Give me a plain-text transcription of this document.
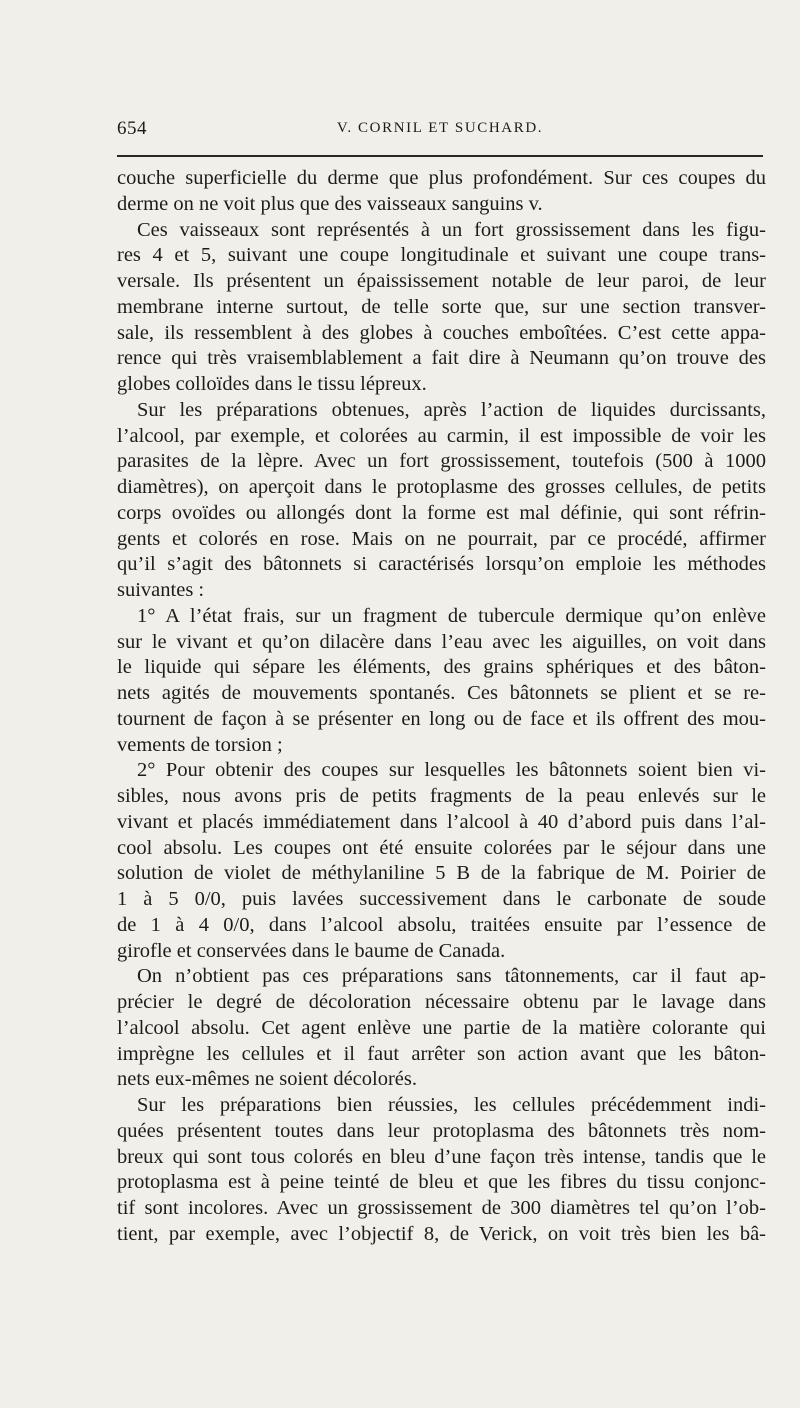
654	V. CORNIL ET SUCHARD.
couche superficielle du derme que plus profondément. Sur ces coupes du
derme on ne voit plus que des vaisseaux sanguins v.
Ces vaisseaux sont représentés à un fort grossissement dans les figu-
res 4 et 5, suivant une coupe longitudinale et suivant une coupe trans-
versale. Ils présentent un épaississement notable de leur paroi, de leur
membrane interne surtout, de telle sorte que, sur une section transver-
sale, ils ressemblent à des globes à couches emboîtées. C’est cette appa-
rence qui très vraisemblablement a fait dire à Neumann qu’on trouve des
globes colloïdes dans le tissu lépreux.
Sur les préparations obtenues, après l’action de liquides durcissants,
l’alcool, par exemple, et colorées au carmin, il est impossible de voir les
parasites de la lèpre. Avec un fort grossissement, toutefois (500 à 1000
diamètres), on aperçoit dans le protoplasme des grosses cellules, de petits
corps ovoïdes ou allongés dont la forme est mal définie, qui sont réfrin-
gents et colorés en rose. Mais on ne pourrait, par ce procédé, affirmer
qu’il s’agit des bâtonnets si caractérisés lorsqu’on emploie les méthodes
suivantes :
1° A l’état frais, sur un fragment de tubercule dermique qu’on enlève
sur le vivant et qu’on dilacère dans l’eau avec les aiguilles, on voit dans
le liquide qui sépare les éléments, des grains sphériques et des bâton-
nets agités de mouvements spontanés. Ces bâtonnets se plient et se re-
tournent de façon à se présenter en long ou de face et ils offrent des mou-
vements de torsion ;
2° Pour obtenir des coupes sur lesquelles les bâtonnets soient bien vi-
sibles, nous avons pris de petits fragments de la peau enlevés sur le
vivant et placés immédiatement dans l’alcool à 40 d’abord puis dans l’al-
cool absolu. Les coupes ont été ensuite colorées par le séjour dans une
solution de violet de méthylaniline 5 B de la fabrique de M. Poirier de
1 à 5 0/0, puis lavées successivement dans le carbonate de soude
de 1 à 4 0/0, dans l’alcool absolu, traitées ensuite par l’essence de
girofle et conservées dans le baume de Canada.
On n’obtient pas ces préparations sans tâtonnements, car il faut ap-
précier le degré de décoloration nécessaire obtenu par le lavage dans
l’alcool absolu. Cet agent enlève une partie de la matière colorante qui
imprègne les cellules et il faut arrêter son action avant que les bâton-
nets eux-mêmes ne soient décolorés.
Sur les préparations bien réussies, les cellules précédemment indi-
quées présentent toutes dans leur protoplasma des bâtonnets très nom-
breux qui sont tous colorés en bleu d’une façon très intense, tandis que le
protoplasma est à peine teinté de bleu et que les fibres du tissu conjonc-
tif sont incolores. Avec un grossissement de 300 diamètres tel qu’on l’ob-
tient, par exemple, avec l’objectif 8, de Verick, on voit très bien les bâ-
